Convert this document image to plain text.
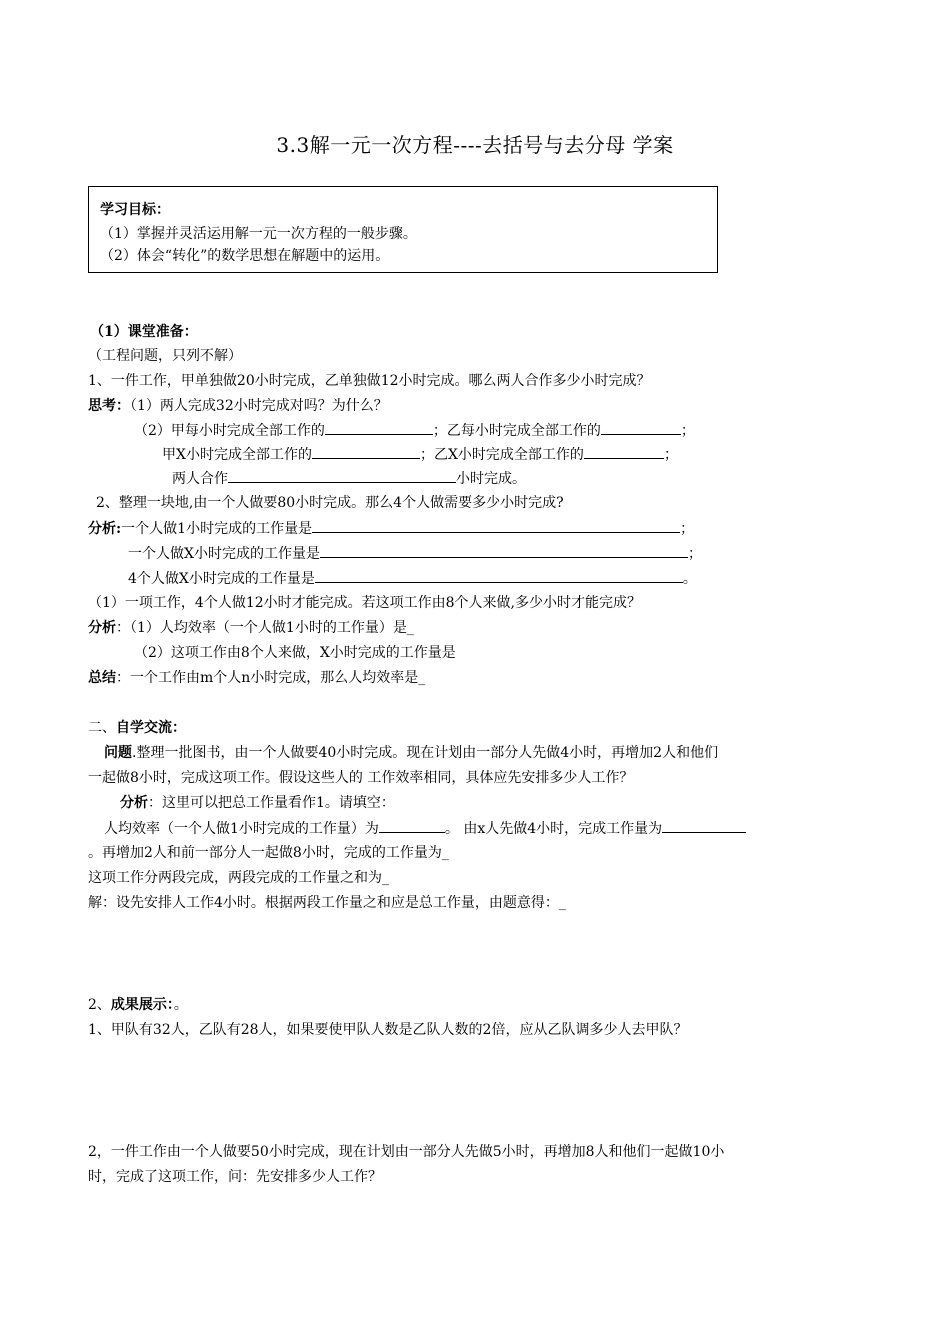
3.3解一元一次方程----去括号与去分母 学案
学习目标：
（1）掌握并灵活运用解一元一次方程的一般步骤。
（2）体会“转化”的数学思想在解题中的运用。
（1）课堂准备：
（工程问题，只列不解）
1、一件工作，甲单独做20小时完成，乙单独做12小时完成。哪么两人合作多少小时完成？
思考：（1）两人完成32小时完成对吗？为什么？
（2）甲每小时完成全部工作的	；乙每小时完成全部工作的	；
甲X小时完成全部工作的	；乙X小时完成全部工作的	；
两人合作	小时完成。
2、整理一块地,由一个人做要80小时完成。那么4个人做需要多少小时完成?
分析:一个人做1小时完成的工作量是	；
一个人做X小时完成的工作量是	；
4个人做X小时完成的工作量是	。
（1）一项工作，4个人做12小时才能完成。若这项工作由8个人来做,多少小时才能完成？
分析：（1）人均效率（一个人做1小时的工作量）是_
（2）这项工作由8个人来做，X小时完成的工作量是
总结：一个工作由m个人n小时完成，那么人均效率是_
二、自学交流：
问题.整理一批图书，由一个人做要40小时完成。现在计划由一部分人先做4小时，再增加2人和他们
一起做8小时，完成这项工作。假设这些人的 工作效率相同，具体应先安排多少人工作？
分析：这里可以把总工作量看作1。请填空：
人均效率（一个人做1小时完成的工作量）为	。 由x人先做4小时，完成工作量为
。再增加2人和前一部分人一起做8小时，完成的工作量为_
这项工作分两段完成，两段完成的工作量之和为_
解：设先安排人工作4小时。根据两段工作量之和应是总工作量，由题意得：_
2、成果展示：。
1、甲队有32人，乙队有28人，如果要使甲队人数是乙队人数的2倍，应从乙队调多少人去甲队？
2，一件工作由一个人做要50小时完成，现在计划由一部分人先做5小时，再增加8人和他们一起做10小
时，完成了这项工作，问：先安排多少人工作？
